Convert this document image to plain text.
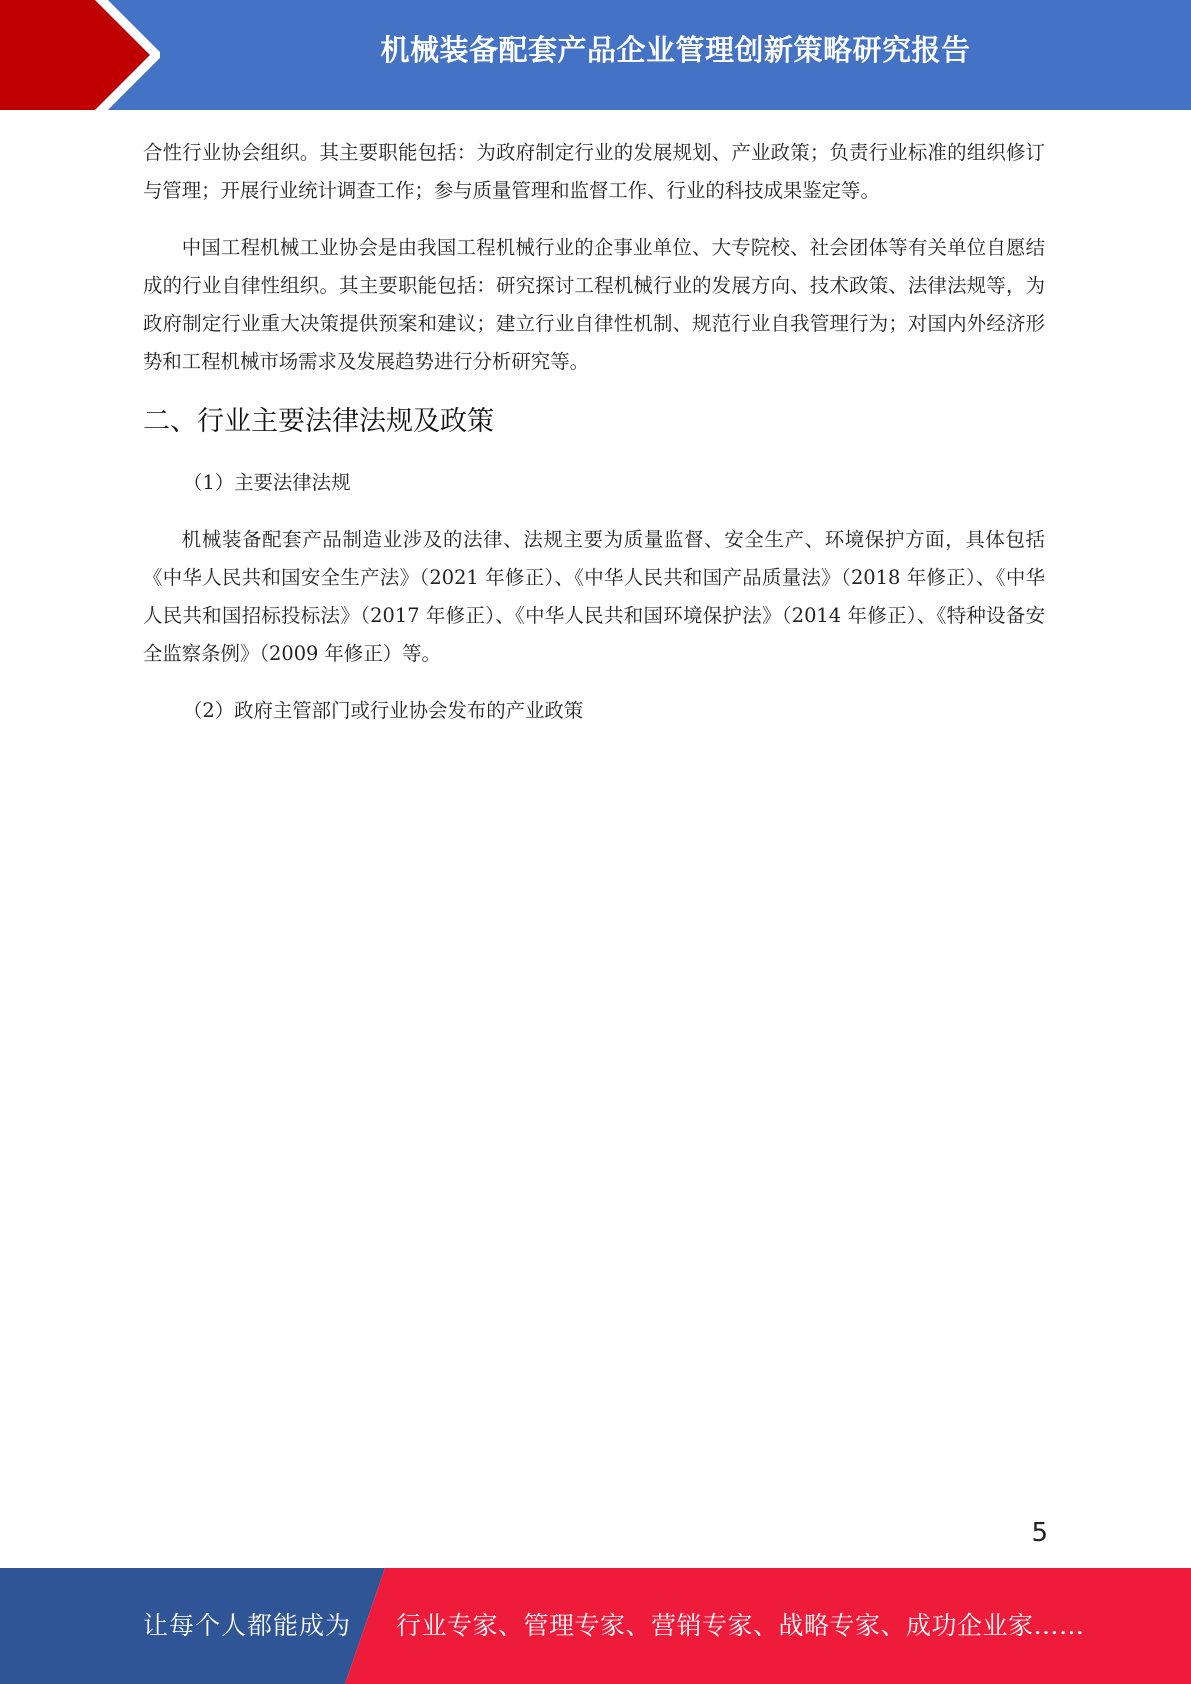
机械装备配套产品企业管理创新策略研究报告

合性行业协会组织。其主要职能包括：为政府制定行业的发展规划、产业政策；负责行业标准的组织修订与管理；开展行业统计调查工作；参与质量管理和监督工作、行业的科技成果鉴定等。

中国工程机械工业协会是由我国工程机械行业的企事业单位、大专院校、社会团体等有关单位自愿结成的行业自律性组织。其主要职能包括：研究探讨工程机械行业的发展方向、技术政策、法律法规等，为政府制定行业重大决策提供预案和建议；建立行业自律性机制、规范行业自我管理行为；对国内外经济形势和工程机械市场需求及发展趋势进行分析研究等。

二、行业主要法律法规及政策

（1）主要法律法规

机械装备配套产品制造业涉及的法律、法规主要为质量监督、安全生产、环境保护方面，具体包括《中华人民共和国安全生产法》（2021 年修正）、《中华人民共和国产品质量法》（2018 年修正）、《中华人民共和国招标投标法》（2017 年修正）、《中华人民共和国环境保护法》（2014 年修正）、《特种设备安全监察条例》（2009 年修正）等。

（2）政府主管部门或行业协会发布的产业政策

5
让每个人都能成为 行业专家、管理专家、营销专家、战略专家、成功企业家……
